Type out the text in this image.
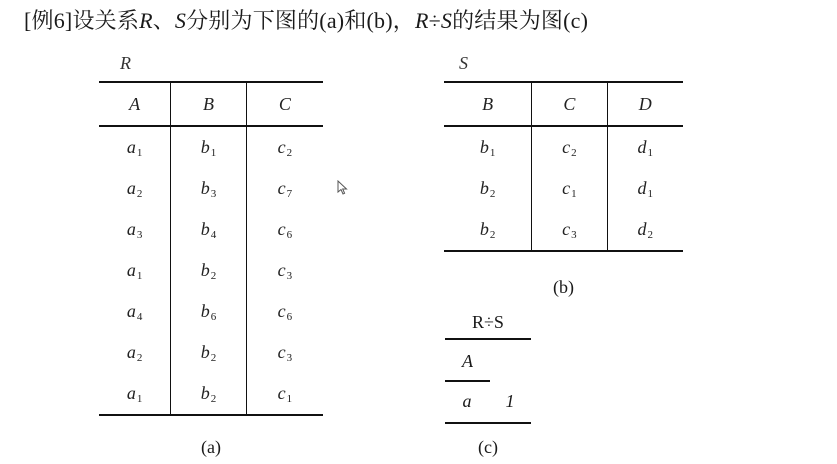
[例6]设关系R、S分别为下图的(a)和(b)，R÷S的结果为图(c)
R
A	B	C
$a_1$	$b_1$	$c_2$
$a_2$	$b_3$	$c_7$
$a_3$	$b_4$	$c_6$
$a_1$	$b_2$	$c_3$
$a_4$	$b_6$	$c_6$
$a_2$	$b_2$	$c_3$
$a_1$	$b_2$	$c_1$
(a)
S
B	C	D
$b_1$	$c_2$	$d_1$
$b_2$	$c_1$	$d_1$
$b_2$	$c_3$	$d_2$
(b)
R÷S
A
a	1
(c)
